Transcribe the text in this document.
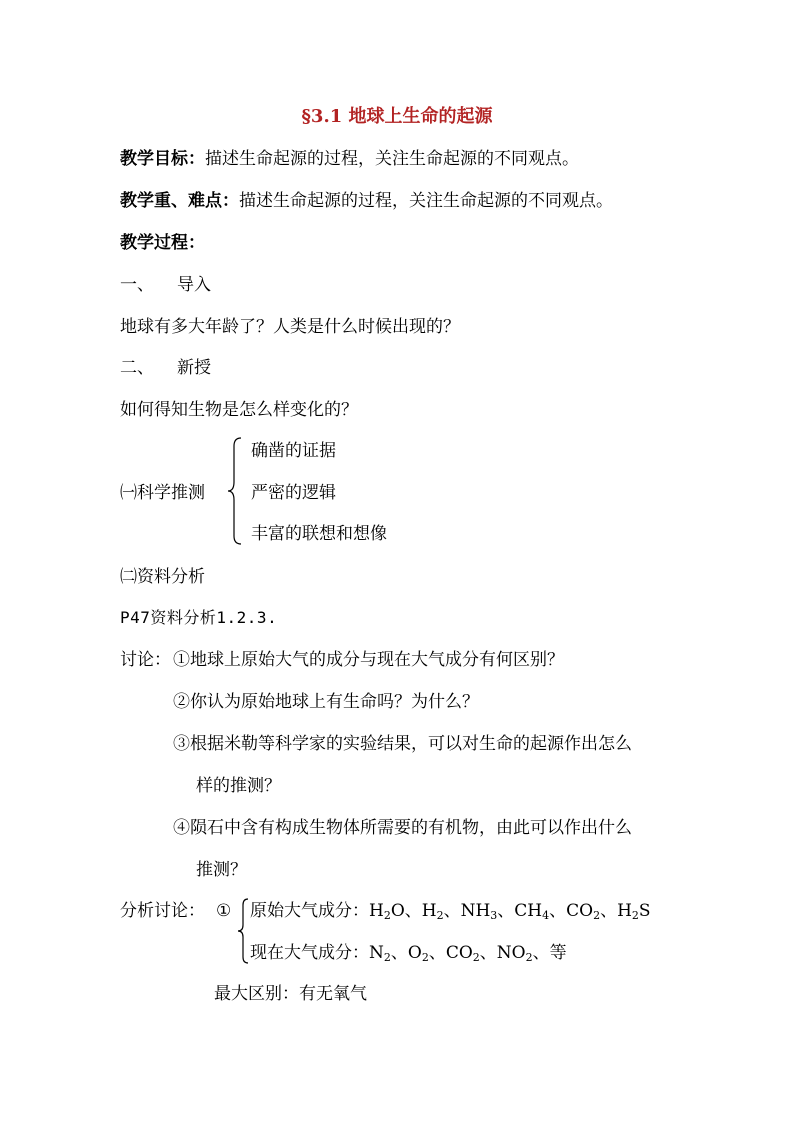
§3.1 地球上生命的起源
教学目标：描述生命起源的过程，关注生命起源的不同观点。
教学重、难点：描述生命起源的过程，关注生命起源的不同观点。
教学过程：
一、 导入
地球有多大年龄了？人类是什么时候出现的？
二、 新授
如何得知生物是怎么样变化的？
㈠科学推测
确凿的证据
严密的逻辑
丰富的联想和想像
㈡资料分析
P47资料分析1.2.3.
讨论： ①地球上原始大气的成分与现在大气成分有何区别？
②你认为原始地球上有生命吗？为什么？
③根据米勒等科学家的实验结果，可以对生命的起源作出怎么
样的推测？
④陨石中含有构成生物体所需要的有机物，由此可以作出什么
推测？
分析讨论： ① 原始大气成分：$H_2O$、$H_2$、$NH_3$、$CH_4$、$CO_2$、$H_2S$
现在大气成分：$N_2$、$O_2$、$CO_2$、$NO_2$、等
最大区别：有无氧气
